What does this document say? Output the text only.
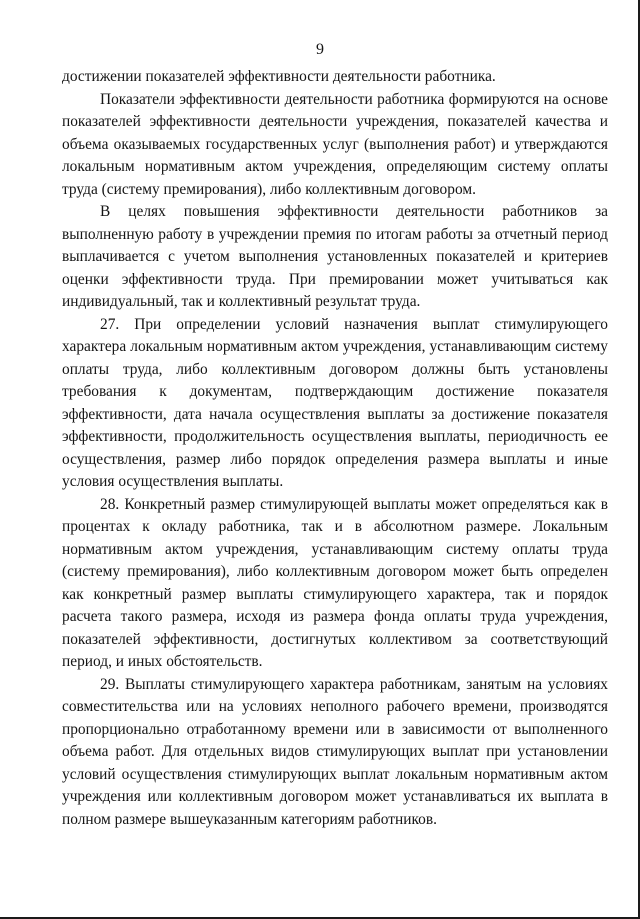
9

достижении показателей эффективности деятельности работника.

Показатели эффективности деятельности работника формируются на основе показателей эффективности деятельности учреждения, показателей качества и объема оказываемых государственных услуг (выполнения работ) и утверждаются локальным нормативным актом учреждения, определяющим систему оплаты труда (систему премирования), либо коллективным договором.

В целях повышения эффективности деятельности работников за выполненную работу в учреждении премия по итогам работы за отчетный период выплачивается с учетом выполнения установленных показателей и критериев оценки эффективности труда. При премировании может учитываться как индивидуальный, так и коллективный результат труда.

27. При определении условий назначения выплат стимулирующего характера локальным нормативным актом учреждения, устанавливающим систему оплаты труда, либо коллективным договором должны быть установлены требования к документам, подтверждающим достижение показателя эффективности, дата начала осуществления выплаты за достижение показателя эффективности, продолжительность осуществления выплаты, периодичность ее осуществления, размер либо порядок определения размера выплаты и иные условия осуществления выплаты.

28. Конкретный размер стимулирующей выплаты может определяться как в процентах к окладу работника, так и в абсолютном размере. Локальным нормативным актом учреждения, устанавливающим систему оплаты труда (систему премирования), либо коллективным договором может быть определен как конкретный размер выплаты стимулирующего характера, так и порядок расчета такого размера, исходя из размера фонда оплаты труда учреждения, показателей эффективности, достигнутых коллективом за соответствующий период, и иных обстоятельств.

29. Выплаты стимулирующего характера работникам, занятым на условиях совместительства или на условиях неполного рабочего времени, производятся пропорционально отработанному времени или в зависимости от выполненного объема работ. Для отдельных видов стимулирующих выплат при установлении условий осуществления стимулирующих выплат локальным нормативным актом учреждения или коллективным договором может устанавливаться их выплата в полном размере вышеуказанным категориям работников.
